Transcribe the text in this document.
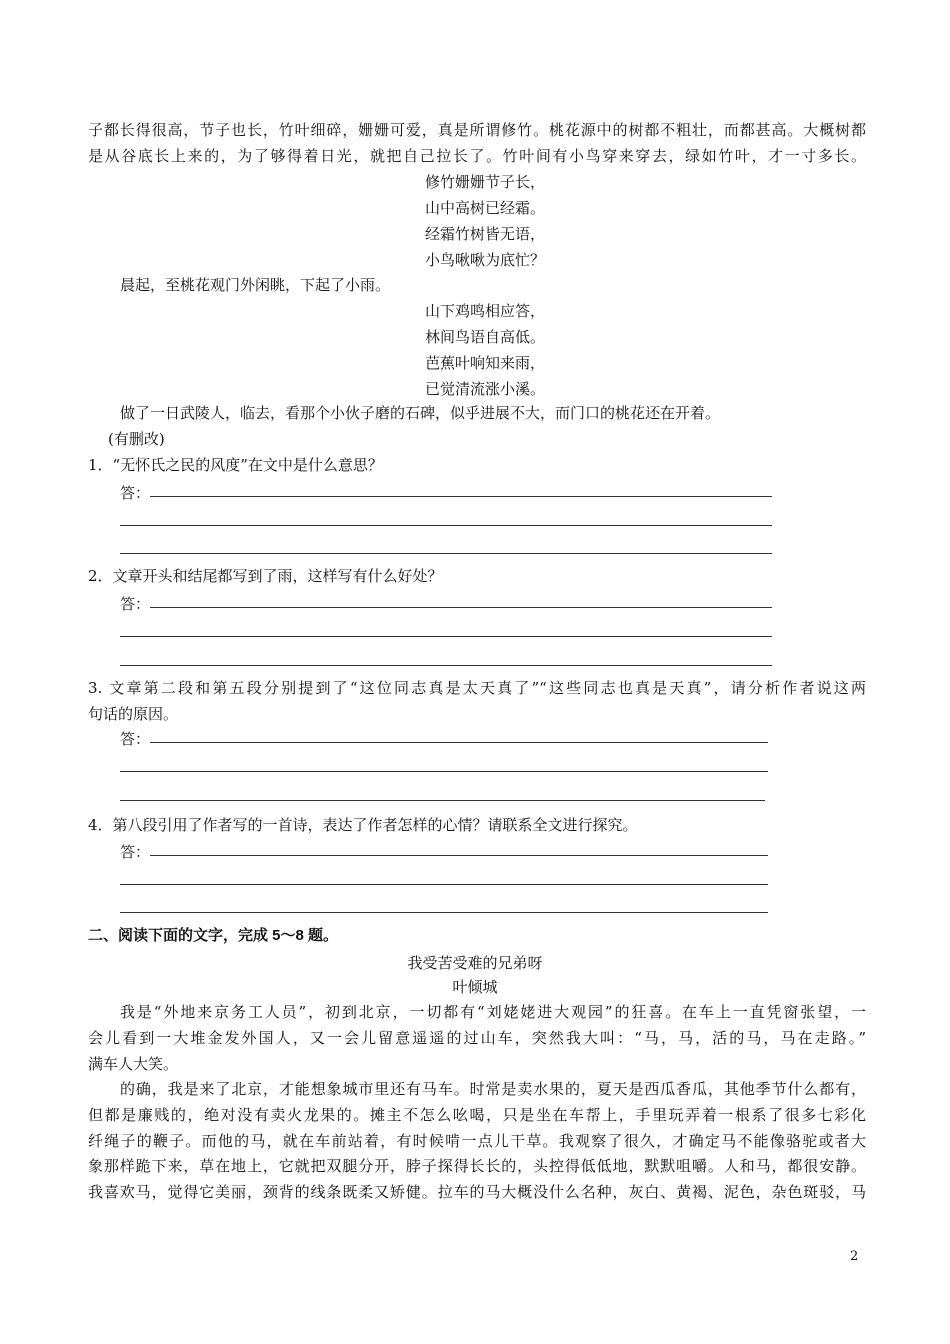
子都长得很高，节子也长，竹叶细碎，姗姗可爱，真是所谓修竹。桃花源中的树都不粗壮，而都甚高。大概树都
是从谷底长上来的，为了够得着日光，就把自己拉长了。竹叶间有小鸟穿来穿去，绿如竹叶，才一寸多长。
修竹姗姗节子长，
山中高树已经霜。
经霜竹树皆无语，
小鸟啾啾为底忙？
晨起，至桃花观门外闲眺，下起了小雨。
山下鸡鸣相应答，
林间鸟语自高低。
芭蕉叶响知来雨，
已觉清流涨小溪。
做了一日武陵人，临去，看那个小伙子磨的石碑，似乎进展不大，而门口的桃花还在开着。
(有删改)
1．“无怀氏之民的风度”在文中是什么意思？
答：
2．文章开头和结尾都写到了雨，这样写有什么好处？
答：
3. 文章第二段和第五段分别提到了“这位同志真是太天真了”“这些同志也真是天真”，请分析作者说这两
句话的原因。
答：
4．第八段引用了作者写的一首诗，表达了作者怎样的心情？请联系全文进行探究。
答：
二、阅读下面的文字，完成 5～8 题。
我受苦受难的兄弟呀
叶倾城
我是“外地来京务工人员”，初到北京，一切都有“刘姥姥进大观园”的狂喜。在车上一直凭窗张望，一
会儿看到一大堆金发外国人，又一会儿留意遥遥的过山车，突然我大叫：“马，马，活的马，马在走路。”
满车人大笑。
的确，我是来了北京，才能想象城市里还有马车。时常是卖水果的，夏天是西瓜香瓜，其他季节什么都有，
但都是廉贱的，绝对没有卖火龙果的。摊主不怎么吆喝，只是坐在车帮上，手里玩弄着一根系了很多七彩化
纤绳子的鞭子。而他的马，就在车前站着，有时候啃一点儿干草。我观察了很久，才确定马不能像骆驼或者大
象那样跪下来，草在地上，它就把双腿分开，脖子探得长长的，头控得低低地，默默咀嚼。人和马，都很安静。
我喜欢马，觉得它美丽，颈背的线条既柔又矫健。拉车的马大概没什么名种，灰白、黄褐、泥色，杂色斑驳，马
2
